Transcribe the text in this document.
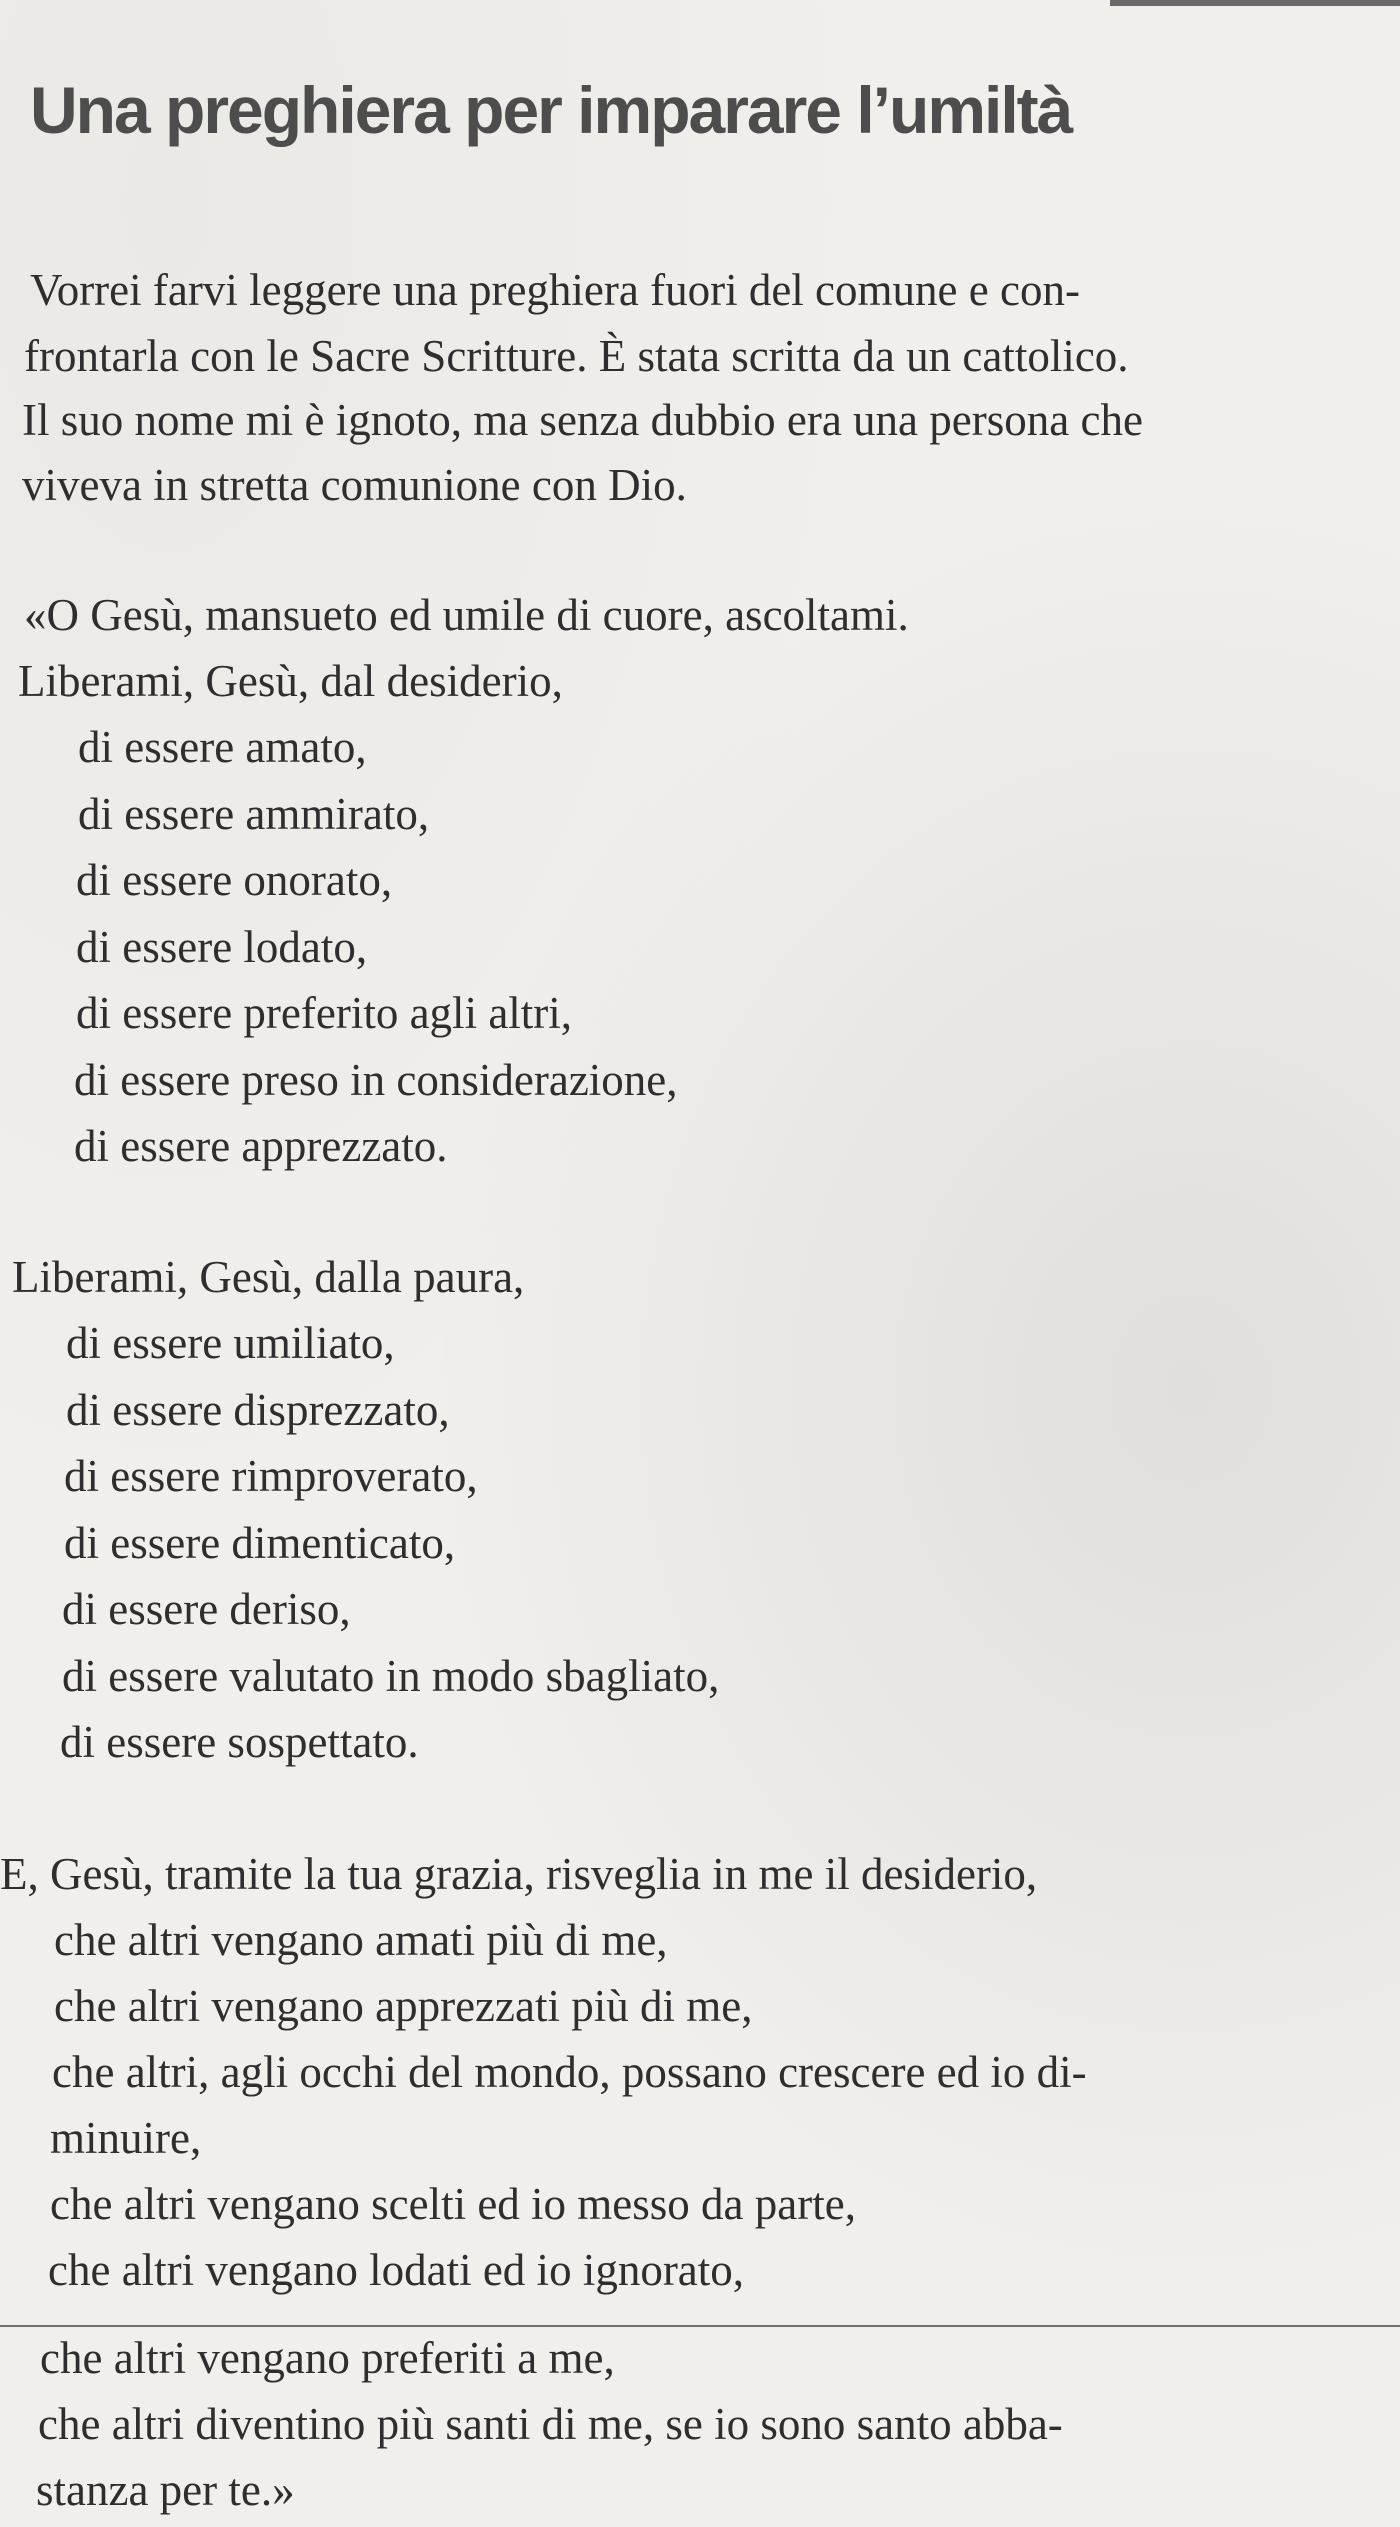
Una preghiera per imparare l’umiltà

Vorrei farvi leggere una preghiera fuori del comune e con-

frontarla con le Sacre Scritture. È stata scritta da un cattolico.

Il suo nome mi è ignoto, ma senza dubbio era una persona che

viveva in stretta comunione con Dio.

«O Gesù, mansueto ed umile di cuore, ascoltami.

Liberami, Gesù, dal desiderio,

di essere amato,

di essere ammirato,

di essere onorato,

di essere lodato,

di essere preferito agli altri,

di essere preso in considerazione,

di essere apprezzato.

Liberami, Gesù, dalla paura,

di essere umiliato,

di essere disprezzato,

di essere rimproverato,

di essere dimenticato,

di essere deriso,

di essere valutato in modo sbagliato,

di essere sospettato.

E, Gesù, tramite la tua grazia, risveglia in me il desiderio,

che altri vengano amati più di me,

che altri vengano apprezzati più di me,

che altri, agli occhi del mondo, possano crescere ed io di-

minuire,

che altri vengano scelti ed io messo da parte,

che altri vengano lodati ed io ignorato,

che altri vengano preferiti a me,

che altri diventino più santi di me, se io sono santo abba-

stanza per te.»
